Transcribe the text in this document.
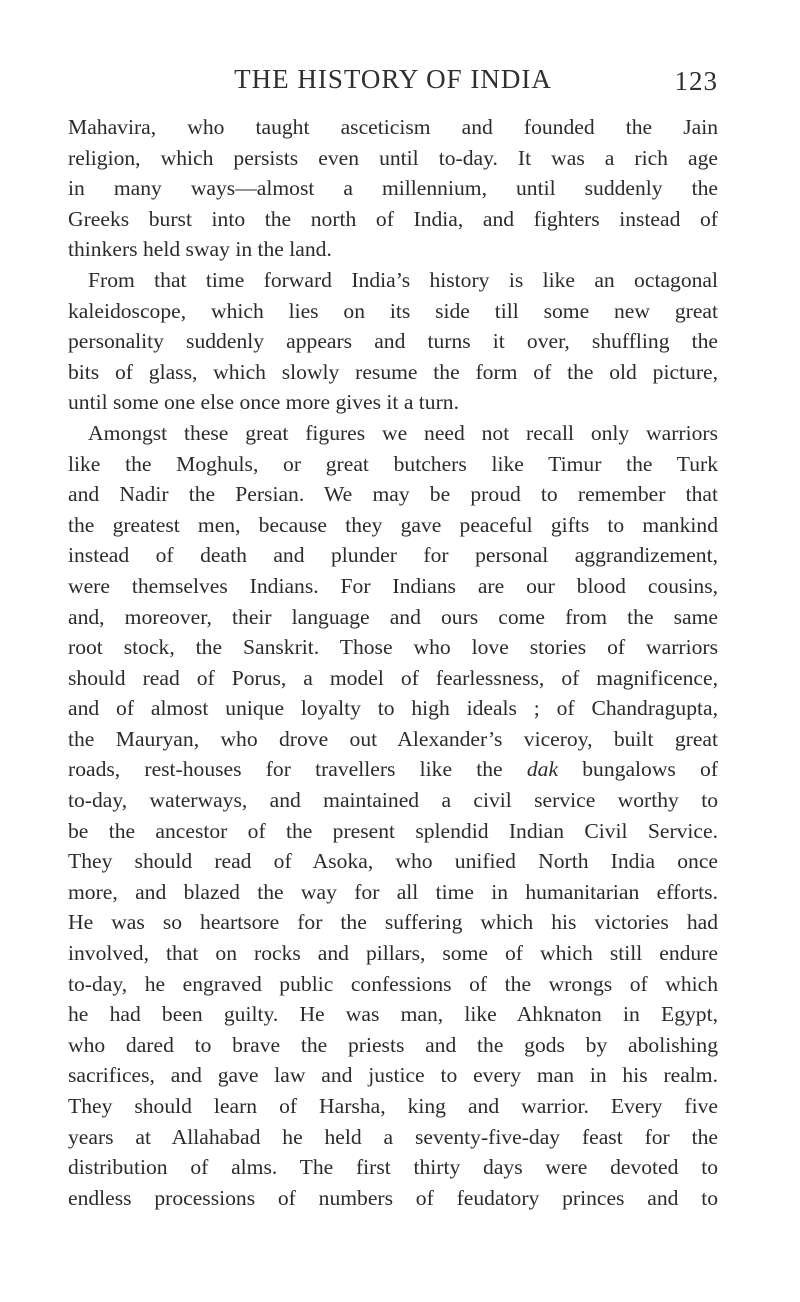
THE HISTORY OF INDIA	123
Mahavira, who taught asceticism and founded the Jain
religion, which persists even until to-day. It was a rich age
in many ways—almost a millennium, until suddenly the
Greeks burst into the north of India, and fighters instead of
thinkers held sway in the land.
From that time forward India’s history is like an octagonal
kaleidoscope, which lies on its side till some new great
personality suddenly appears and turns it over, shuffling the
bits of glass, which slowly resume the form of the old picture,
until some one else once more gives it a turn.
Amongst these great figures we need not recall only warriors
like the Moghuls, or great butchers like Timur the Turk
and Nadir the Persian. We may be proud to remember that
the greatest men, because they gave peaceful gifts to mankind
instead of death and plunder for personal aggrandizement,
were themselves Indians. For Indians are our blood cousins,
and, moreover, their language and ours come from the same
root stock, the Sanskrit. Those who love stories of warriors
should read of Porus, a model of fearlessness, of magnificence,
and of almost unique loyalty to high ideals ; of Chandragupta,
the Mauryan, who drove out Alexander’s viceroy, built great
roads, rest-houses for travellers like the dak bungalows of
to-day, waterways, and maintained a civil service worthy to
be the ancestor of the present splendid Indian Civil Service.
They should read of Asoka, who unified North India once
more, and blazed the way for all time in humanitarian efforts.
He was so heartsore for the suffering which his victories had
involved, that on rocks and pillars, some of which still endure
to-day, he engraved public confessions of the wrongs of which
he had been guilty. He was man, like Ahknaton in Egypt,
who dared to brave the priests and the gods by abolishing
sacrifices, and gave law and justice to every man in his realm.
They should learn of Harsha, king and warrior. Every five
years at Allahabad he held a seventy-five-day feast for the
distribution of alms. The first thirty days were devoted to
endless processions of numbers of feudatory princes and to
